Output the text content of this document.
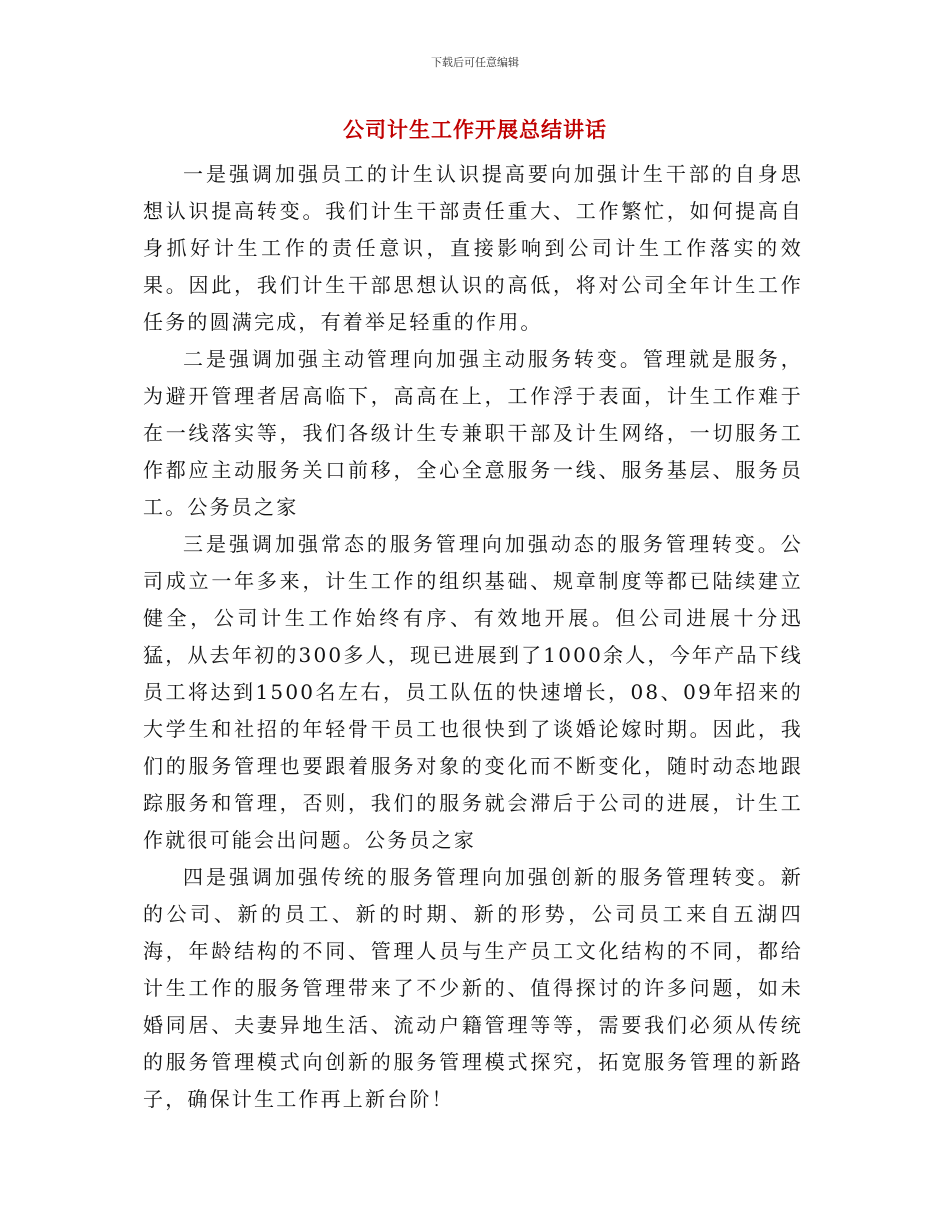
下载后可任意编辑
公司计生工作开展总结讲话

一是强调加强员工的计生认识提高要向加强计生干部的自身思想认识提高转变。我们计生干部责任重大、工作繁忙，如何提高自身抓好计生工作的责任意识，直接影响到公司计生工作落实的效果。因此，我们计生干部思想认识的高低，将对公司全年计生工作任务的圆满完成，有着举足轻重的作用。

二是强调加强主动管理向加强主动服务转变。管理就是服务，为避开管理者居高临下，高高在上，工作浮于表面，计生工作难于在一线落实等，我们各级计生专兼职干部及计生网络，一切服务工作都应主动服务关口前移，全心全意服务一线、服务基层、服务员工。公务员之家

三是强调加强常态的服务管理向加强动态的服务管理转变。公司成立一年多来，计生工作的组织基础、规章制度等都已陆续建立健全，公司计生工作始终有序、有效地开展。但公司进展十分迅猛，从去年初的300多人，现已进展到了1000余人，今年产品下线员工将达到1500名左右，员工队伍的快速增长，08、09年招来的大学生和社招的年轻骨干员工也很快到了谈婚论嫁时期。因此，我们的服务管理也要跟着服务对象的变化而不断变化，随时动态地跟踪服务和管理，否则，我们的服务就会滞后于公司的进展，计生工作就很可能会出问题。公务员之家

四是强调加强传统的服务管理向加强创新的服务管理转变。新的公司、新的员工、新的时期、新的形势，公司员工来自五湖四海，年龄结构的不同、管理人员与生产员工文化结构的不同，都给计生工作的服务管理带来了不少新的、值得探讨的许多问题，如未婚同居、夫妻异地生活、流动户籍管理等等，需要我们必须从传统的服务管理模式向创新的服务管理模式探究，拓宽服务管理的新路子，确保计生工作再上新台阶！
